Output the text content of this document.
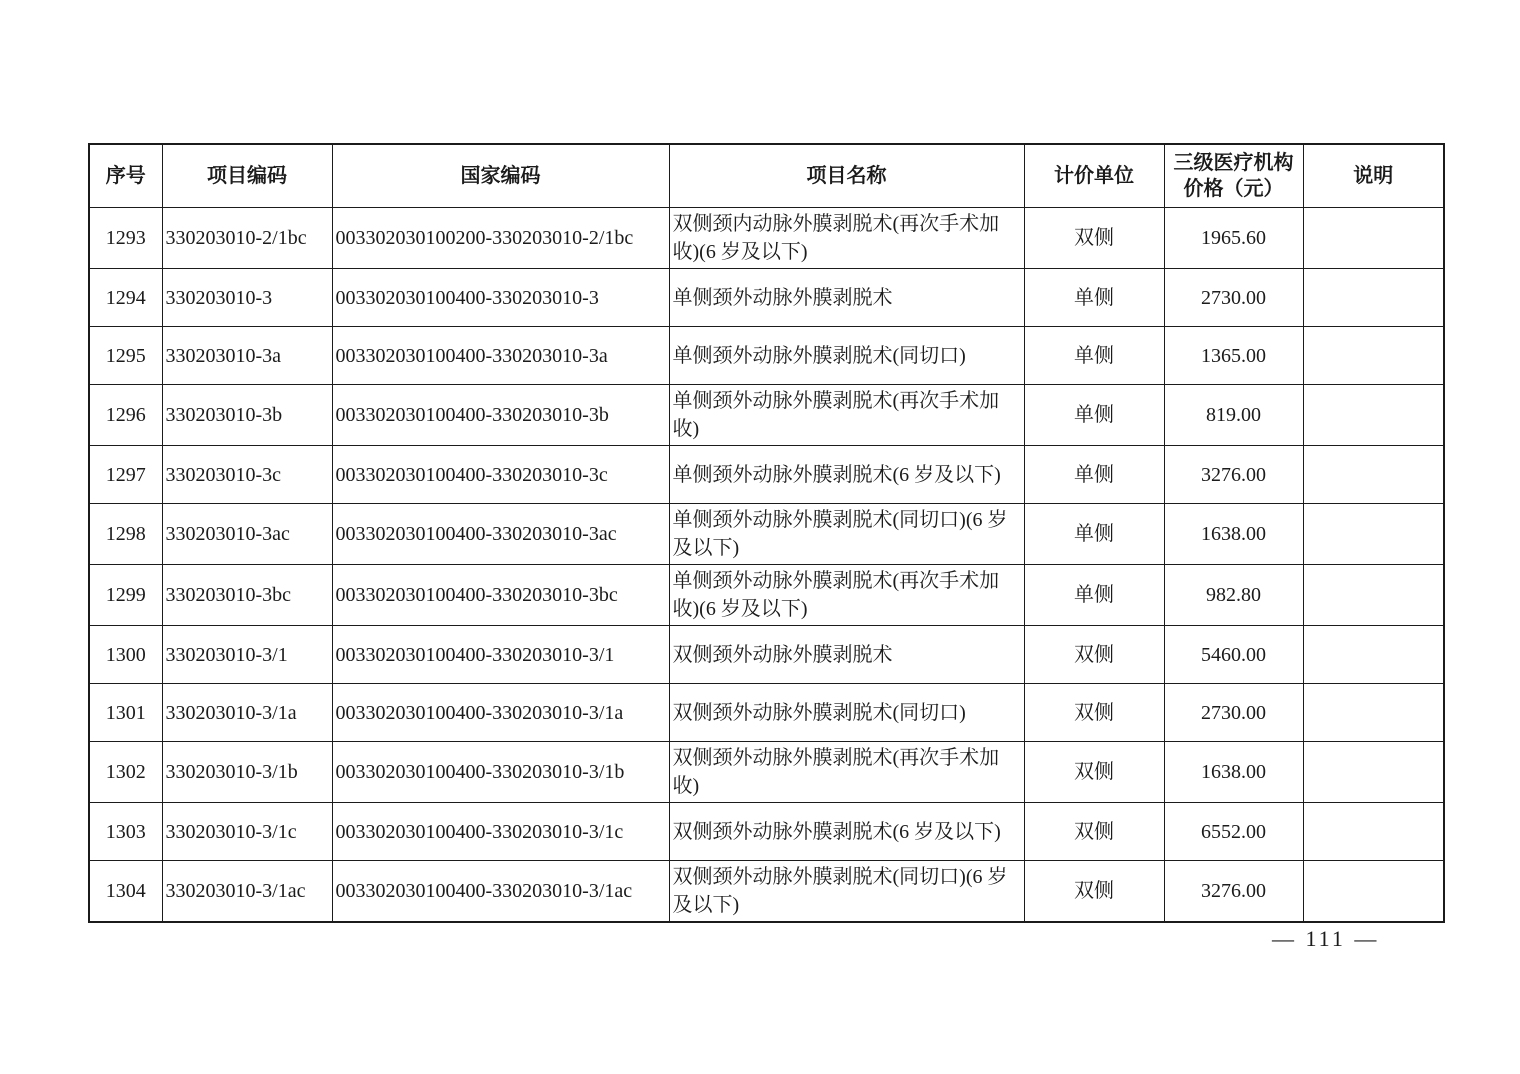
序号	项目编码	国家编码	项目名称	计价单位	三级医疗机构价格（元）	说明
1293	330203010-2/1bc	003302030100200-330203010-2/1bc	双侧颈内动脉外膜剥脱术(再次手术加收)(6 岁及以下)	双侧	1965.60	
1294	330203010-3	003302030100400-330203010-3	单侧颈外动脉外膜剥脱术	单侧	2730.00	
1295	330203010-3a	003302030100400-330203010-3a	单侧颈外动脉外膜剥脱术(同切口)	单侧	1365.00	
1296	330203010-3b	003302030100400-330203010-3b	单侧颈外动脉外膜剥脱术(再次手术加收)	单侧	819.00	
1297	330203010-3c	003302030100400-330203010-3c	单侧颈外动脉外膜剥脱术(6 岁及以下)	单侧	3276.00	
1298	330203010-3ac	003302030100400-330203010-3ac	单侧颈外动脉外膜剥脱术(同切口)(6 岁及以下)	单侧	1638.00	
1299	330203010-3bc	003302030100400-330203010-3bc	单侧颈外动脉外膜剥脱术(再次手术加收)(6 岁及以下)	单侧	982.80	
1300	330203010-3/1	003302030100400-330203010-3/1	双侧颈外动脉外膜剥脱术	双侧	5460.00	
1301	330203010-3/1a	003302030100400-330203010-3/1a	双侧颈外动脉外膜剥脱术(同切口)	双侧	2730.00	
1302	330203010-3/1b	003302030100400-330203010-3/1b	双侧颈外动脉外膜剥脱术(再次手术加收)	双侧	1638.00	
1303	330203010-3/1c	003302030100400-330203010-3/1c	双侧颈外动脉外膜剥脱术(6 岁及以下)	双侧	6552.00	
1304	330203010-3/1ac	003302030100400-330203010-3/1ac	双侧颈外动脉外膜剥脱术(同切口)(6 岁及以下)	双侧	3276.00	
— 111 —
